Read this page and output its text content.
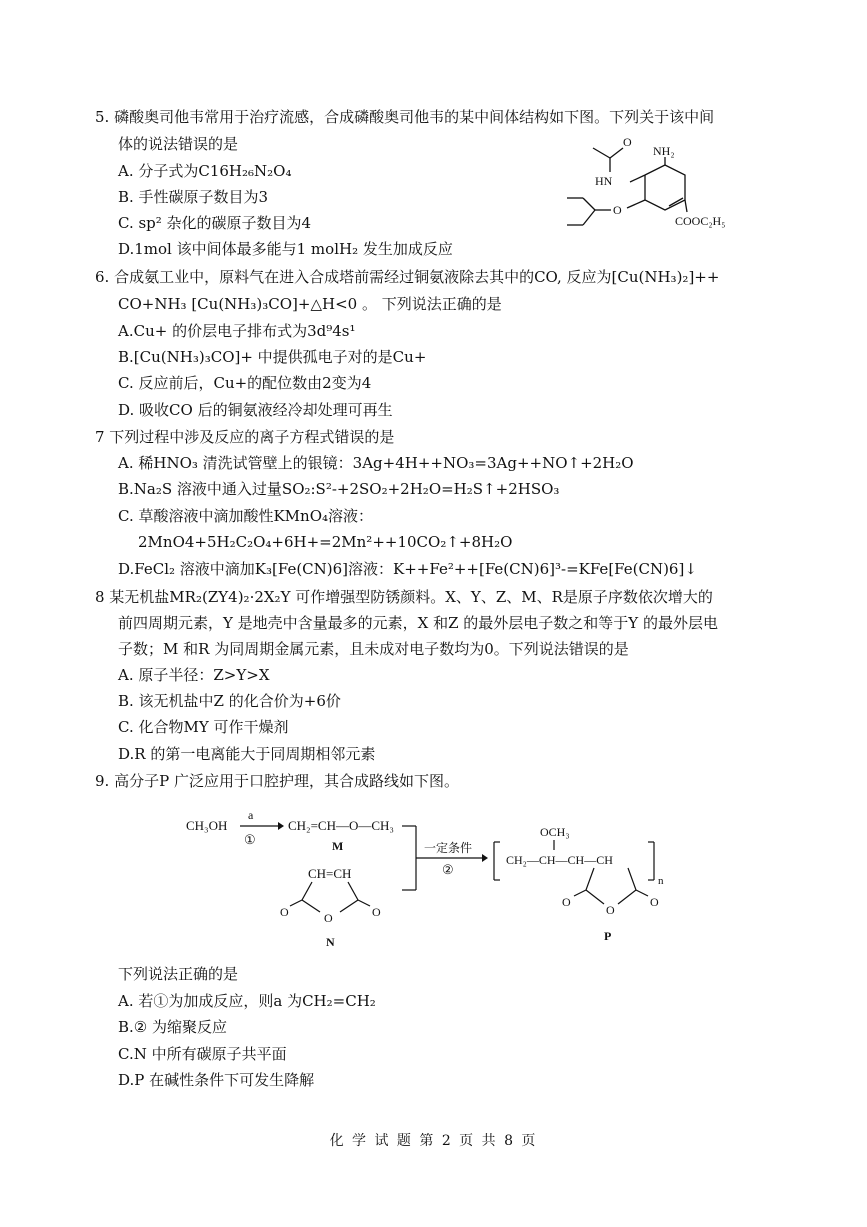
5. 磷酸奥司他韦常用于治疗流感，合成磷酸奥司他韦的某中间体结构如下图。下列关于该中间
体的说法错误的是
A. 分子式为C16H₂₆N₂O₄
B. 手性碳原子数目为3
C. sp² 杂化的碳原子数目为4
D.1mol 该中间体最多能与1 molH₂ 发生加成反应
NH₂
HN
O
O
COOC₂H₅
6. 合成氨工业中，原料气在进入合成塔前需经过铜氨液除去其中的CO, 反应为[Cu(NH₃)₂]++
CO+NH₃ [Cu(NH₃)₃CO]+△H<0 。 下列说法正确的是
A.Cu+ 的价层电子排布式为3d⁹4s¹
B.[Cu(NH₃)₃CO]+ 中提供孤电子对的是Cu+
C. 反应前后，Cu+的配位数由2变为4
D. 吸收CO 后的铜氨液经冷却处理可再生
7 下列过程中涉及反应的离子方程式错误的是
A. 稀HNO₃ 清洗试管壁上的银镜：3Ag+4H++NO₃=3Ag++NO↑+2H₂O
B.Na₂S 溶液中通入过量SO₂:S²-+2SO₂+2H₂O=H₂S↑+2HSO₃
C. 草酸溶液中滴加酸性KMnO₄溶液：
2MnO4+5H₂C₂O₄+6H+=2Mn²++10CO₂↑+8H₂O
D.FeCl₂ 溶液中滴加K₃[Fe(CN)6]溶液：K++Fe²++[Fe(CN)6]³-=KFe[Fe(CN)6]↓
8 某无机盐MR₂(ZY4)₂·2X₂Y 可作增强型防锈颜料。X、Y、Z、M、R是原子序数依次增大的
前四周期元素，Y 是地壳中含量最多的元素，X 和Z 的最外层电子数之和等于Y 的最外层电
子数；M 和R 为同周期金属元素，且未成对电子数均为0。下列说法错误的是
A. 原子半径：Z>Y>X
B. 该无机盐中Z 的化合价为+6价
C. 化合物MY 可作干燥剂
D.R 的第一电离能大于同周期相邻元素
9. 高分子P 广泛应用于口腔护理，其合成路线如下图。
CH₃OH
a
①
CH₂=CH—O—CH₃
M	一定条件
②
CH=CH
O	O
O
N
CH₂—CH—CH—CH
OCH₃
n
O	O
O
P
下列说法正确的是
A. 若①为加成反应，则a 为CH₂=CH₂
B.② 为缩聚反应
C.N 中所有碳原子共平面
D.P 在碱性条件下可发生降解
化 学 试 题 第 2 页 共 8 页
